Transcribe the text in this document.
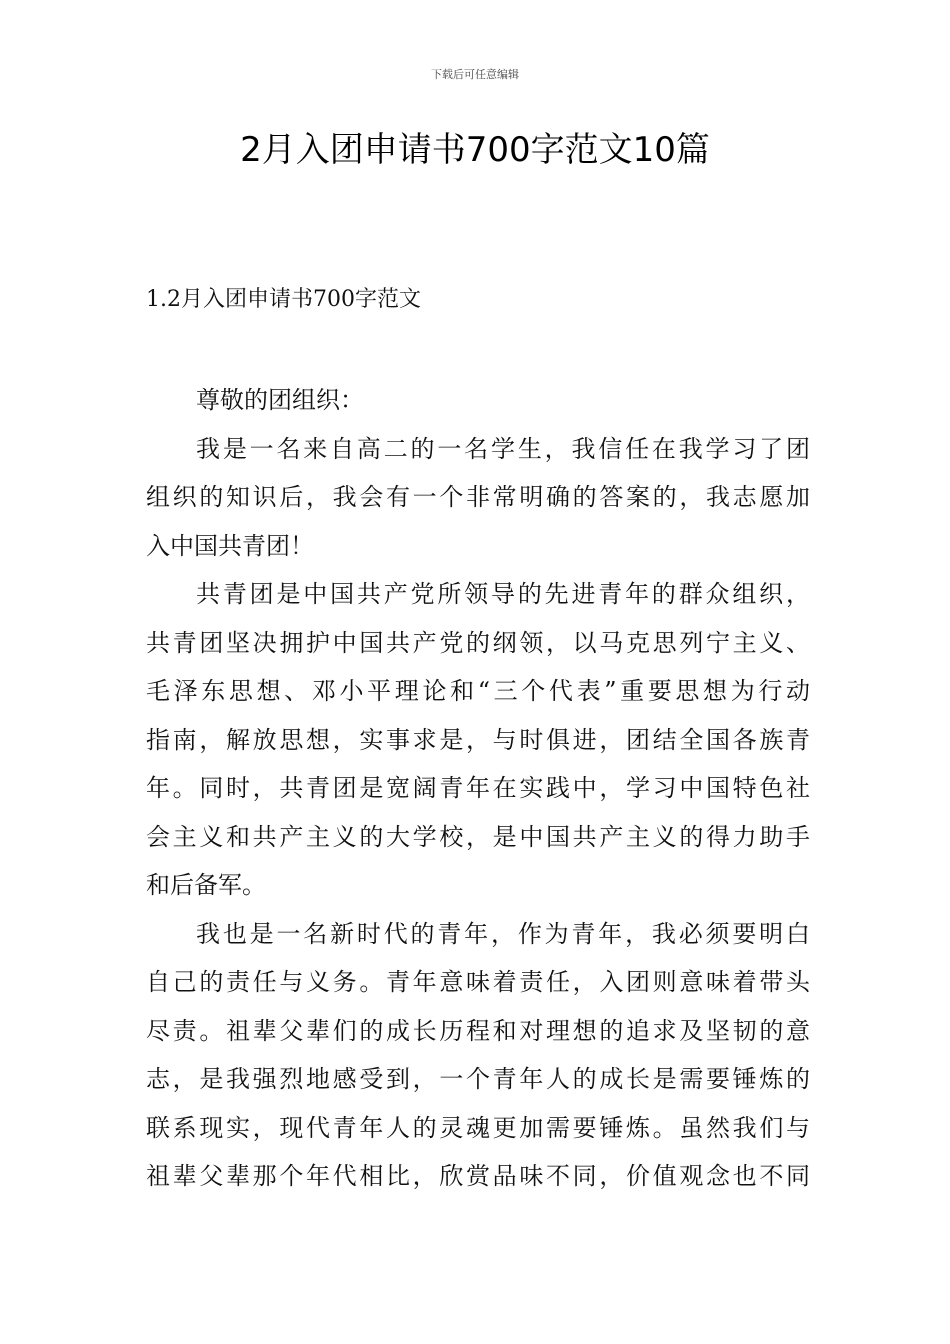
下载后可任意编辑
2月入团申请书700字范文10篇
1.2月入团申请书700字范文

尊敬的团组织：

我是一名来自高二的一名学生，我信任在我学习了团
组织的知识后，我会有一个非常明确的答案的，我志愿加
入中国共青团！

共青团是中国共产党所领导的先进青年的群众组织，
共青团坚决拥护中国共产党的纲领，以马克思列宁主义、
毛泽东思想、邓小平理论和“三个代表”重要思想为行动
指南，解放思想，实事求是，与时俱进，团结全国各族青
年。同时，共青团是宽阔青年在实践中，学习中国特色社
会主义和共产主义的大学校，是中国共产主义的得力助手
和后备军。

我也是一名新时代的青年，作为青年，我必须要明白
自己的责任与义务。青年意味着责任，入团则意味着带头
尽责。祖辈父辈们的成长历程和对理想的追求及坚韧的意
志，是我强烈地感受到，一个青年人的成长是需要锤炼的
联系现实，现代青年人的灵魂更加需要锤炼。虽然我们与
祖辈父辈那个年代相比，欣赏品味不同，价值观念也不同
